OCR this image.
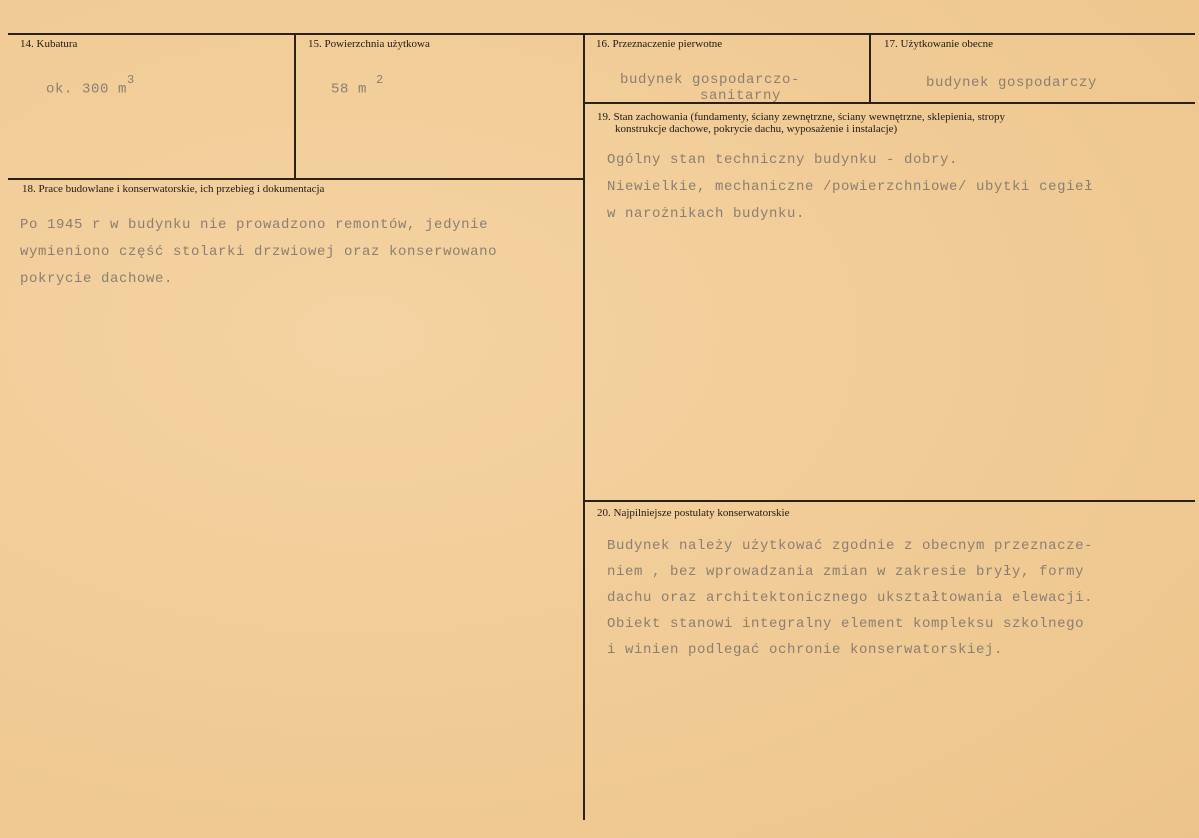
14. Kubatura
ok. 300 $m^3$
15. Powierzchnia użytkowa
58 m $^2$
16. Przeznaczenie pierwotne
budynek gospodarczo-
sanitarny
17. Użytkowanie obecne
budynek gospodarczy
19. Stan zachowania (fundamenty, ściany zewnętrzne, ściany wewnętrzne, sklepienia, stropy
konstrukcje dachowe, pokrycie dachu, wyposażenie i instalacje)
Ogólny stan techniczny budynku - dobry.
Niewielkie, mechaniczne /powierzchniowe/ ubytki cegieł
w narożnikach budynku.
18. Prace budowlane i konserwatorskie, ich przebieg i dokumentacja
Po 1945 r w budynku nie prowadzono remontów, jedynie
wymieniono część stolarki drzwiowej oraz konserwowano
pokrycie dachowe.
20. Najpilniejsze postulaty konserwatorskie
Budynek należy użytkować zgodnie z obecnym przeznacze-
niem , bez wprowadzania zmian w zakresie bryły, formy
dachu oraz architektonicznego ukształtowania elewacji.
Obiekt stanowi integralny element kompleksu szkolnego
i winien podlegać ochronie konserwatorskiej.
